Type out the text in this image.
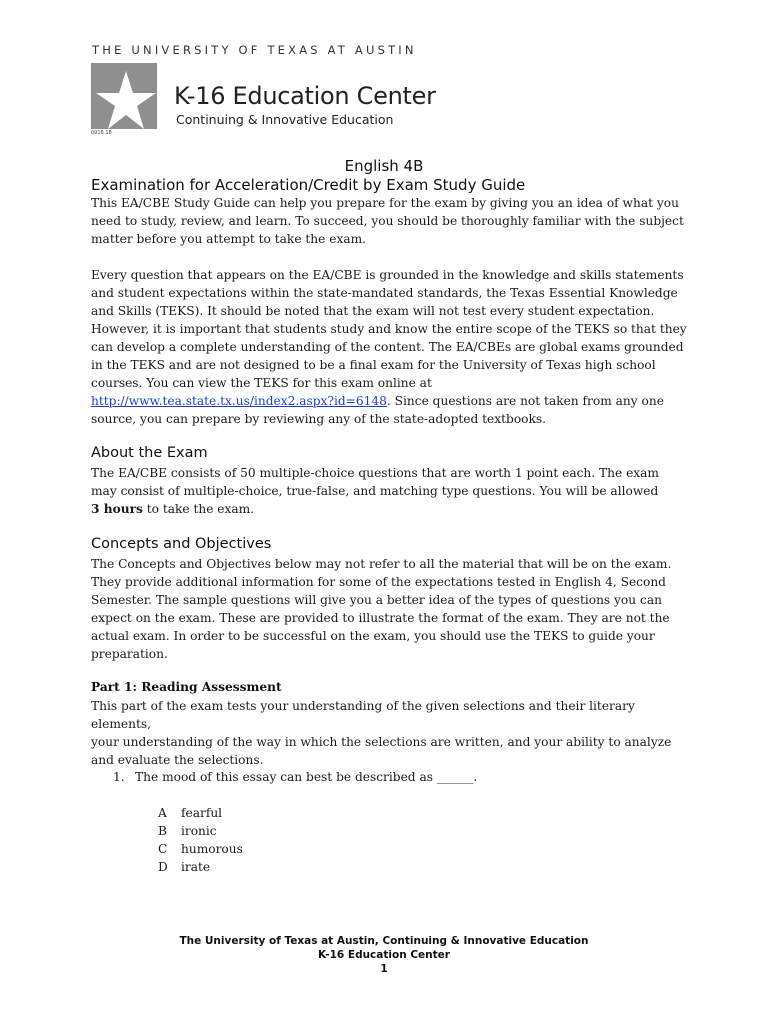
THE UNIVERSITY OF TEXAS AT AUSTIN
0916 18
K-16 Education Center
Continuing & Innovative Education
English 4B
Examination for Acceleration/Credit by Exam Study Guide
This EA/CBE Study Guide can help you prepare for the exam by giving you an idea of what you
need to study, review, and learn. To succeed, you should be thoroughly familiar with the subject
matter before you attempt to take the exam.
Every question that appears on the EA/CBE is grounded in the knowledge and skills statements
and student expectations within the state-mandated standards, the Texas Essential Knowledge
and Skills (TEKS). It should be noted that the exam will not test every student expectation.
However, it is important that students study and know the entire scope of the TEKS so that they
can develop a complete understanding of the content. The EA/CBEs are global exams grounded
in the TEKS and are not designed to be a final exam for the University of Texas high school
courses. You can view the TEKS for this exam online at
http://www.tea.state.tx.us/index2.aspx?id=6148. Since questions are not taken from any one
source, you can prepare by reviewing any of the state-adopted textbooks.
About the Exam
The EA/CBE consists of 50 multiple-choice questions that are worth 1 point each. The exam
may consist of multiple-choice, true-false, and matching type questions. You will be allowed
3 hours to take the exam.
Concepts and Objectives
The Concepts and Objectives below may not refer to all the material that will be on the exam.
They provide additional information for some of the expectations tested in English 4, Second
Semester. The sample questions will give you a better idea of the types of questions you can
expect on the exam. These are provided to illustrate the format of the exam. They are not the
actual exam. In order to be successful on the exam, you should use the TEKS to guide your
preparation.
Part 1: Reading Assessment
This part of the exam tests your understanding of the given selections and their literary elements,
your understanding of the way in which the selections are written, and your ability to analyze
and evaluate the selections.
1. The mood of this essay can best be described as ______.
A fearful
B ironic
C humorous
D irate
The University of Texas at Austin, Continuing & Innovative Education
K-16 Education Center
1
